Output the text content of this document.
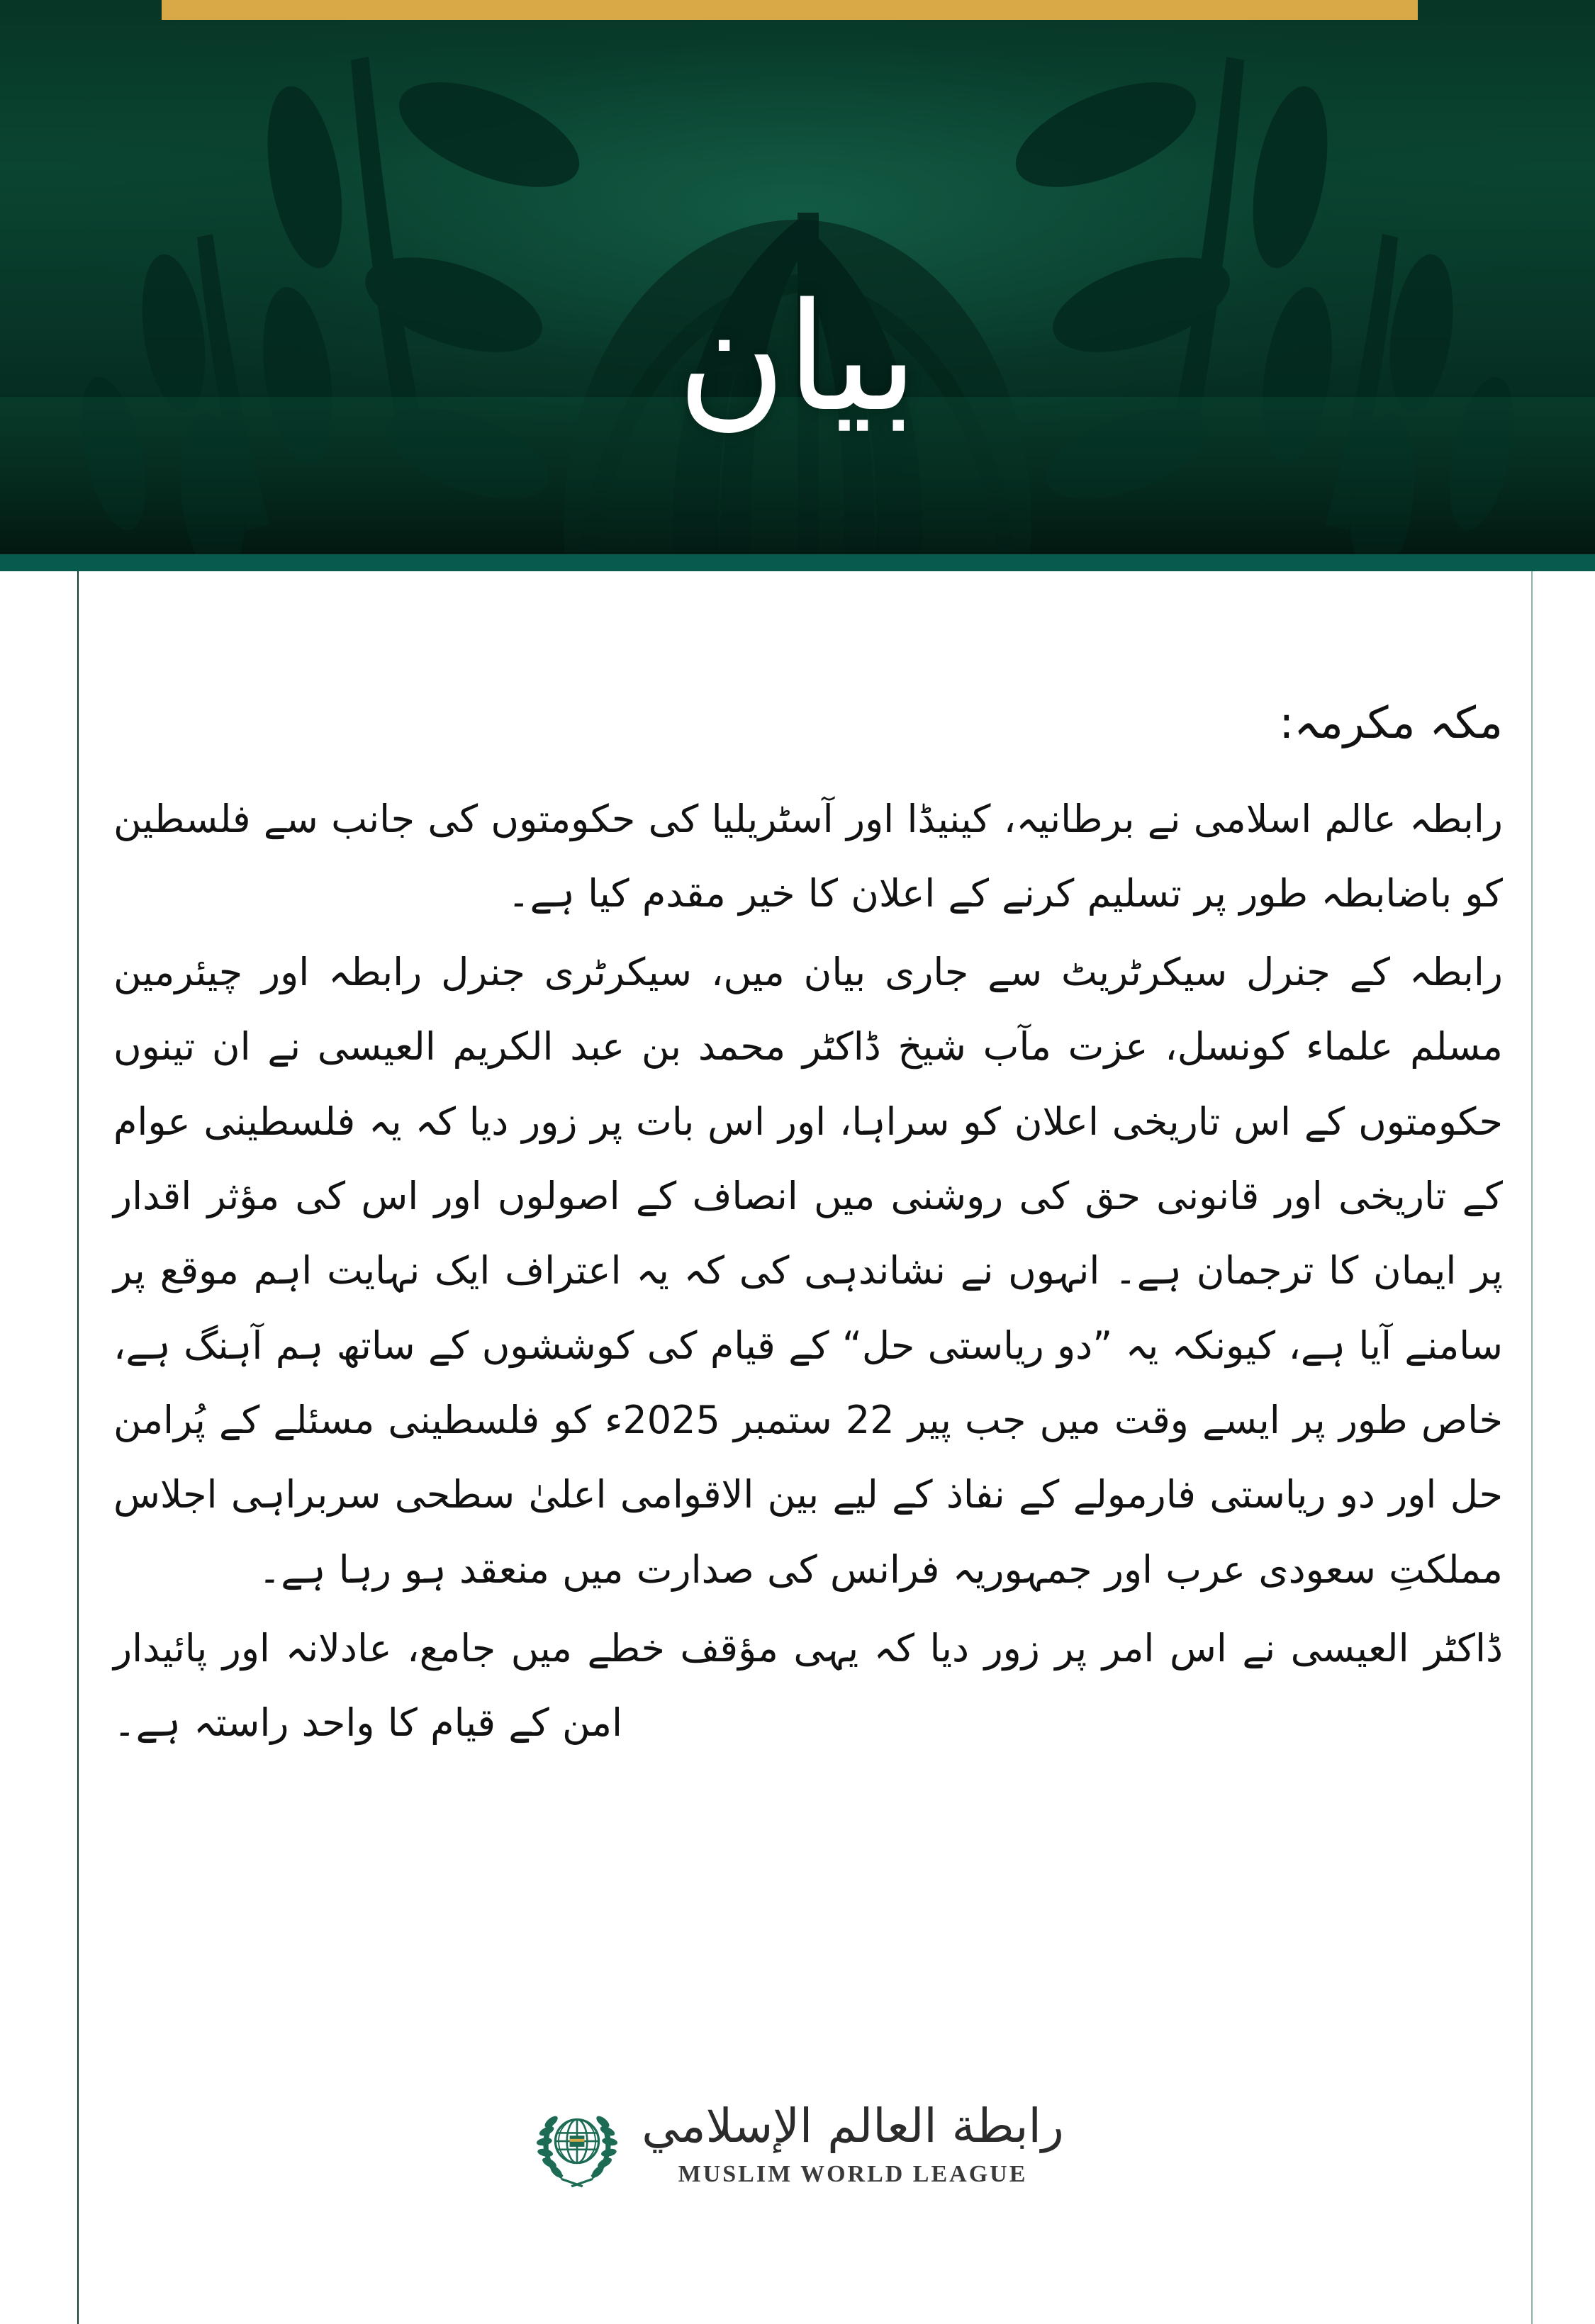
بیان
مکہ مکرمہ:

رابطہ عالم اسلامی نے برطانیہ، کینیڈا اور آسٹریلیا کی حکومتوں کی جانب سے فلسطین کو باضابطہ طور پر تسلیم کرنے کے اعلان کا خیر مقدم کیا ہے۔

رابطہ کے جنرل سیکرٹریٹ سے جاری بیان میں، سیکرٹری جنرل رابطہ اور چیئرمین مسلم علماء کونسل، عزت مآب شیخ ڈاکٹر محمد بن عبد الکریم العیسی نے ان تینوں حکومتوں کے اس تاریخی اعلان کو سراہا، اور اس بات پر زور دیا کہ یہ فلسطینی عوام کے تاریخی اور قانونی حق کی روشنی میں انصاف کے اصولوں اور اس کی مؤثر اقدار پر ایمان کا ترجمان ہے۔ انہوں نے نشاندہی کی کہ یہ اعتراف ایک نہایت اہم موقع پر سامنے آیا ہے، کیونکہ یہ ”دو ریاستی حل“ کے قیام کی کوششوں کے ساتھ ہم آہنگ ہے، خاص طور پر ایسے وقت میں جب پیر 22 ستمبر 2025ء کو فلسطینی مسئلے کے پُرامن حل اور دو ریاستی فارمولے کے نفاذ کے لیے بین الاقوامی اعلیٰ سطحی سربراہی اجلاس مملکتِ سعودی عرب اور جمہوریہ فرانس کی صدارت میں منعقد ہو رہا ہے۔

ڈاکٹر العیسی نے اس امر پر زور دیا کہ یہی مؤقف خطے میں جامع، عادلانہ اور پائیدار امن کے قیام کا واحد راستہ ہے۔

رابطة العالم الإسلامي
MUSLIM WORLD LEAGUE
